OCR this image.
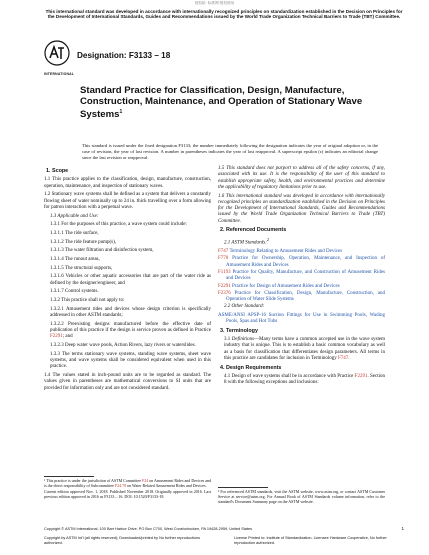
授权给· 标准网·授权使用
This international standard was developed in accordance with internationally recognized principles on standardization established in the Decision on Principles for the Development of International Standards, Guides and Recommendations issued by the World Trade Organization Technical Barriers to Trade (TBT) Committee.
INTERNATIONAL
Designation: F3133 – 18
Standard Practice for Classification, Design, Manufacture, Construction, Maintenance, and Operation of Stationary Wave Systems$^1$
This standard is issued under the fixed designation F3133; the number immediately following the designation indicates the year of original adoption or, in the case of revision, the year of last revision. A number in parentheses indicates the year of last reapproval. A superscript epsilon (ε) indicates an editorial change since the last revision or reapproval.
1. Scope

1.1 This practice applies to the classification, design, manufacture, construction, operation, maintenance, and inspection of stationary waves.

1.2 Stationary wave systems shall be defined as a system that delivers a constantly flowing sheet of water nominally up to 24 in. thick travelling over a form allowing for patron interaction with a perpetual wave.

1.3 Applicable and Use:

1.3.1 For the purposes of this practice, a wave system could include:

1.3.1.1 The ride surface,

1.3.1.2 The ride feature pump(s),

1.3.1.3 The water filtration and disinfection system,

1.3.1.4 The runout areas,

1.3.1.5 The structural supports,

1.3.1.6 Vehicles or other aquatic accessories that are part of the water ride as defined by the designer/engineer, and

1.3.1.7 Control systems.

1.3.2 This practice shall not apply to:

1.3.2.1 Amusement rides and devices whose design criterion is specifically addressed in other ASTM standards;

1.3.2.2 Preexisting designs manufactured before the effective date of publication of this practice if the design is service proven as defined in Practice F2291; and

1.3.2.3 Deep water wave pools, Action Rivers, lazy rivers or waterslides.

1.3.3 The terms stationary wave systems, standing wave systems, sheet wave systems, and wave systems shall be considered equivalent when used in this practice.

1.4 The values stated in inch-pound units are to be regarded as standard. The values given in parentheses are mathematical conversions to SI units that are provided for information only and are not considered standard.

¹ This practice is under the jurisdiction of ASTM Committee F24 on Amusement Rides and Devices and is the direct responsibility of Subcommittee F24.70 on Water Related Amusement Rides and Devices.

Current edition approved Nov. 1, 2018. Published November 2018. Originally approved in 2016. Last previous edition approved in 2016 as F3133 – 16. DOI: 10.1520/F3133-18.

1.5 This standard does not purport to address all of the safety concerns, if any, associated with its use. It is the responsibility of the user of this standard to establish appropriate safety, health, and environmental practices and determine the applicability of regulatory limitations prior to use.

1.6 This international standard was developed in accordance with internationally recognized principles on standardization established in the Decision on Principles for the Development of International Standards, Guides and Recommendations issued by the World Trade Organization Technical Barriers to Trade (TBT) Committee.

2. Referenced Documents

2.1 ASTM Standards:$^2$

F747 Terminology Relating to Amusement Rides and Devices
F770 Practice for Ownership, Operation, Maintenance, and Inspection of Amusement Rides and Devices
F1193 Practice for Quality, Manufacture, and Construction of Amusement Rides and Devices
F2291 Practice for Design of Amusement Rides and Devices
F2376 Practice for Classification, Design, Manufacture, Construction, and Operation of Water Slide Systems

2.2 Other Standard:

ASME/ANSI APSP-16 Suction Fittings for Use in Swimming Pools, Wading Pools, Spas and Hot Tubs
3. Terminology

3.1 Definitions—Many terms have a common accepted use in the wave system industry that is unique. This is to establish a basic common vocabulary as well as a basis for classification that differentiates design parameters. All terms in this practice are candidates for inclusion in Terminology F747.

4. Design Requirements

4.1 Design of wave systems shall be in accordance with Practice F2291. Section 8 with the following exceptions and inclusions:

² For referenced ASTM standards, visit the ASTM website, www.astm.org, or contact ASTM Customer Service at service@astm.org. For Annual Book of ASTM Standards volume information, refer to the standard's Document Summary page on the ASTM website.

Copyright © ASTM International, 100 Barr Harbor Drive, PO Box C700, West Conshohocken, PA 19428-2959. United States	1
Copyright by ASTM Int'l (all rights reserved); Downloaded/printed by No further reproductions authorized.
License Printed to: Institute of Standardization, Licensee Hardware Cooperative, No further reproduction authorized.
